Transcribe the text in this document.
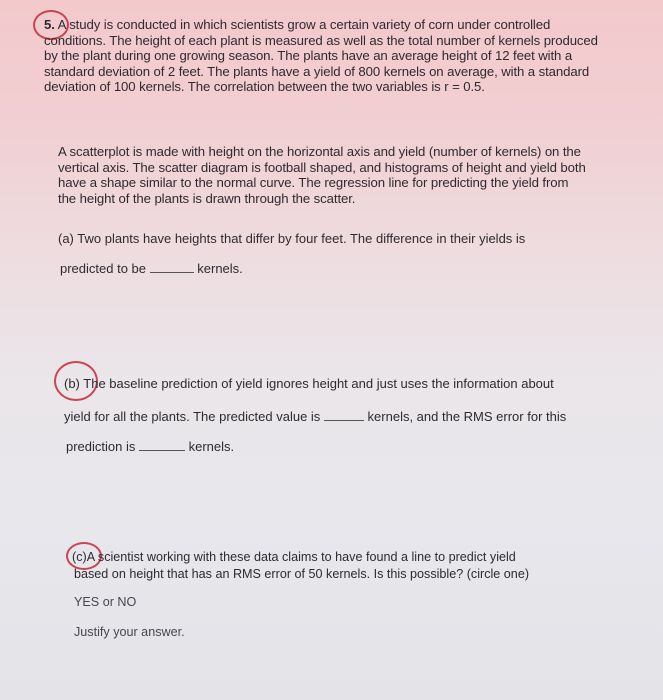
5. A study is conducted in which scientists grow a certain variety of corn under controlled conditions. The height of each plant is measured as well as the total number of kernels produced by the plant during one growing season. The plants have an average height of 12 feet with a standard deviation of 2 feet. The plants have a yield of 800 kernels on average, with a standard deviation of 100 kernels. The correlation between the two variables is r = 0.5.
A scatterplot is made with height on the horizontal axis and yield (number of kernels) on the vertical axis. The scatter diagram is football shaped, and histograms of height and yield both have a shape similar to the normal curve. The regression line for predicting the yield from the height of the plants is drawn through the scatter.
(a) Two plants have heights that differ by four feet. The difference in their yields is
predicted to be	kernels.
(b) The baseline prediction of yield ignores height and just uses the information about
yield for all the plants. The predicted value is	kernels, and the RMS error for this
prediction is	kernels.
(c)A scientist working with these data claims to have found a line to predict yield
based on height that has an RMS error of 50 kernels. Is this possible? (circle one)
YES or NO
Justify your answer.
